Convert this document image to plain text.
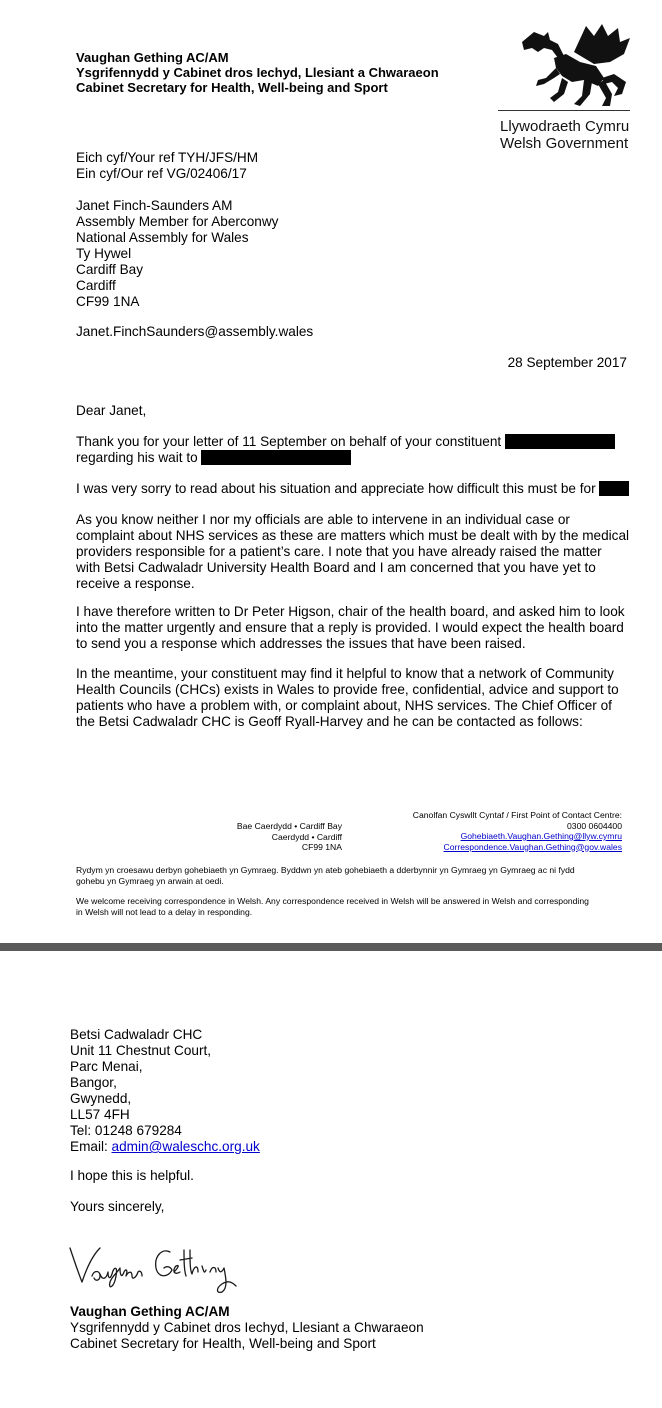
Vaughan Gething AC/AM
Ysgrifennydd y Cabinet dros Iechyd, Llesiant a Chwaraeon
Cabinet Secretary for Health, Well-being and Sport
Llywodraeth Cymru
Welsh Government
Eich cyf/Your ref TYH/JFS/HM
Ein cyf/Our ref VG/02406/17
Janet Finch-Saunders AM
Assembly Member for Aberconwy
National Assembly for Wales
Ty Hywel
Cardiff Bay
Cardiff
CF99 1NA
Janet.FinchSaunders@assembly.wales
28 September 2017
Dear Janet,
Thank you for your letter of 11 September on behalf of your constituent
regarding his wait to
I was very sorry to read about his situation and appreciate how difficult this must be for
As you know neither I nor my officials are able to intervene in an individual case or
complaint about NHS services as these are matters which must be dealt with by the medical
providers responsible for a patient’s care. I note that you have already raised the matter
with Betsi Cadwaladr University Health Board and I am concerned that you have yet to
receive a response.
I have therefore written to Dr Peter Higson, chair of the health board, and asked him to look
into the matter urgently and ensure that a reply is provided. I would expect the health board
to send you a response which addresses the issues that have been raised.
In the meantime, your constituent may find it helpful to know that a network of Community
Health Councils (CHCs) exists in Wales to provide free, confidential, advice and support to
patients who have a problem with, or complaint about, NHS services. The Chief Officer of
the Betsi Cadwaladr CHC is Geoff Ryall-Harvey and he can be contacted as follows:
Bae Caerdydd • Cardiff Bay
Caerdydd • Cardiff
CF99 1NA
Canolfan Cyswllt Cyntaf / First Point of Contact Centre:
0300 0604400
Gohebiaeth.Vaughan.Gething@llyw.cymru
Correspondence.Vaughan.Gething@gov.wales
Rydym yn croesawu derbyn gohebiaeth yn Gymraeg. Byddwn yn ateb gohebiaeth a dderbynnir yn Gymraeg yn Gymraeg ac ni fydd
gohebu yn Gymraeg yn arwain at oedi.
We welcome receiving correspondence in Welsh. Any correspondence received in Welsh will be answered in Welsh and corresponding
in Welsh will not lead to a delay in responding.
Betsi Cadwaladr CHC
Unit 11 Chestnut Court,
Parc Menai,
Bangor,
Gwynedd,
LL57 4FH
Tel: 01248 679284
Email: admin@waleschc.org.uk
I hope this is helpful.
Yours sincerely,
Vaughan Gething AC/AM
Ysgrifennydd y Cabinet dros Iechyd, Llesiant a Chwaraeon
Cabinet Secretary for Health, Well-being and Sport
